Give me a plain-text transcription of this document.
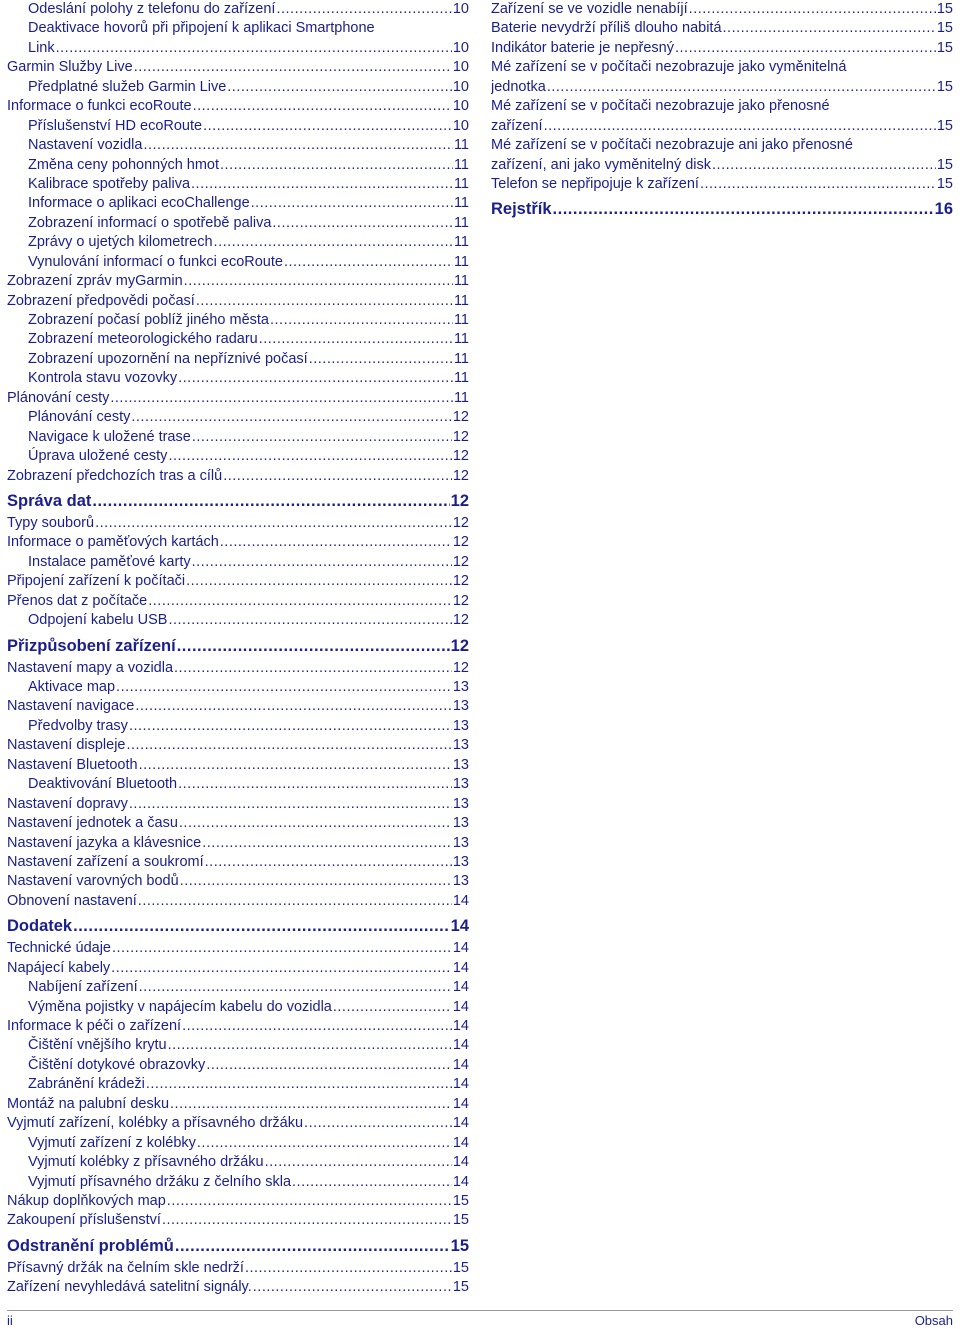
Odeslání polohy z telefonu do zařízení .....	10
Deaktivace hovorů při připojení k aplikaci Smartphone
Link .....	10
Garmin Služby Live .....	10
Předplatné služeb Garmin Live .....	10
Informace o funkci ecoRoute .....	10
Příslušenství HD ecoRoute .....	10
Nastavení vozidla .....	11
Změna ceny pohonných hmot .....	11
Kalibrace spotřeby paliva .....	11
Informace o aplikaci ecoChallenge .....	11
Zobrazení informací o spotřebě paliva .....	11
Zprávy o ujetých kilometrech .....	11
Vynulování informací o funkci ecoRoute .....	11
Zobrazení zpráv myGarmin .....	11
Zobrazení předpovědi počasí .....	11
Zobrazení počasí poblíž jiného města .....	11
Zobrazení meteorologického radaru .....	11
Zobrazení upozornění na nepříznivé počasí .....	11
Kontrola stavu vozovky .....	11
Plánování cesty .....	11
Plánování cesty .....	12
Navigace k uložené trase .....	12
Úprava uložené cesty .....	12
Zobrazení předchozích tras a cílů .....	12
Správa dat .....	12
Typy souborů .....	12
Informace o paměťových kartách .....	12
Instalace paměťové karty .....	12
Připojení zařízení k počítači .....	12
Přenos dat z počítače .....	12
Odpojení kabelu USB .....	12
Přizpůsobení zařízení .....	12
Nastavení mapy a vozidla .....	12
Aktivace map .....	13
Nastavení navigace .....	13
Předvolby trasy .....	13
Nastavení displeje .....	13
Nastavení Bluetooth .....	13
Deaktivování Bluetooth .....	13
Nastavení dopravy .....	13
Nastavení jednotek a času .....	13
Nastavení jazyka a klávesnice .....	13
Nastavení zařízení a soukromí .....	13
Nastavení varovných bodů .....	13
Obnovení nastavení .....	14
Dodatek .....	14
Technické údaje .....	14
Napájecí kabely .....	14
Nabíjení zařízení .....	14
Výměna pojistky v napájecím kabelu do vozidla .....	14
Informace k péči o zařízení .....	14
Čištění vnějšího krytu .....	14
Čištění dotykové obrazovky .....	14
Zabránění krádeži .....	14
Montáž na palubní desku .....	14
Vyjmutí zařízení, kolébky a přísavného držáku .....	14
Vyjmutí zařízení z kolébky .....	14
Vyjmutí kolébky z přísavného držáku .....	14
Vyjmutí přísavného držáku z čelního skla .....	14
Nákup doplňkových map .....	15
Zakoupení příslušenství .....	15
Odstranění problémů .....	15
Přísavný držák na čelním skle nedrží .....	15
Zařízení nevyhledává satelitní signály. .....	15
Zařízení se ve vozidle nenabíjí .....	15
Baterie nevydrží příliš dlouho nabitá .....	15
Indikátor baterie je nepřesný .....	15
Mé zařízení se v počítači nezobrazuje jako vyměnitelná
jednotka .....	15
Mé zařízení se v počítači nezobrazuje jako přenosné
zařízení .....	15
Mé zařízení se v počítači nezobrazuje ani jako přenosné
zařízení, ani jako vyměnitelný disk .....	15
Telefon se nepřipojuje k zařízení .....	15
Rejstřík .....	16
ii	Obsah
